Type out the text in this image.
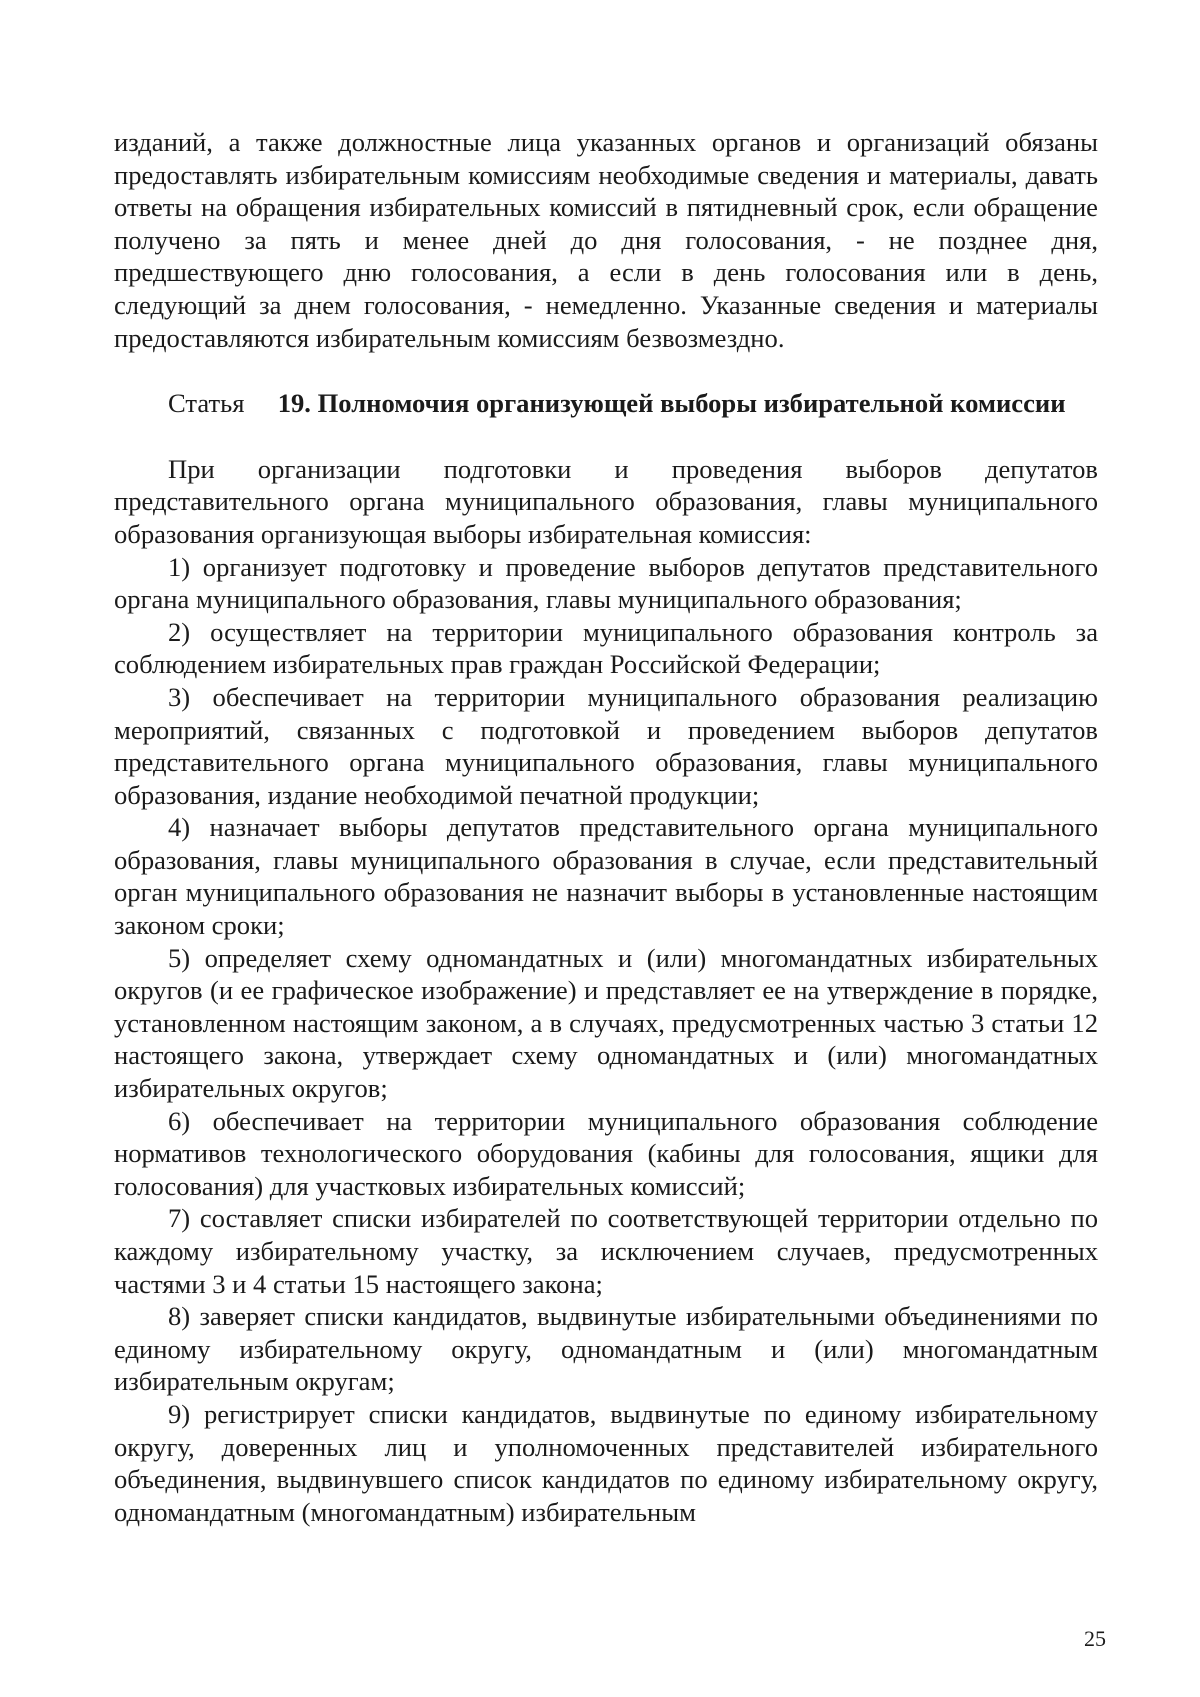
изданий, а также должностные лица указанных органов и организаций обязаны предоставлять избирательным комиссиям необходимые сведения и материалы, давать ответы на обращения избирательных комиссий в пятидневный срок, если обращение получено за пять и менее дней до дня голосования, - не позднее дня, предшествующего дню голосования, а если в день голосования или в день, следующий за днем голосования, - немедленно. Указанные сведения и материалы предоставляются избирательным комиссиям безвозмездно.

Статья 19. Полномочия организующей выборы избирательной комиссии

При организации подготовки и проведения выборов депутатов представительного органа муниципального образования, главы муниципального образования организующая выборы избирательная комиссия:

1) организует подготовку и проведение выборов депутатов представительного органа муниципального образования, главы муниципального образования;

2) осуществляет на территории муниципального образования контроль за соблюдением избирательных прав граждан Российской Федерации;

3) обеспечивает на территории муниципального образования реализацию мероприятий, связанных с подготовкой и проведением выборов депутатов представительного органа муниципального образования, главы муниципального образования, издание необходимой печатной продукции;

4) назначает выборы депутатов представительного органа муниципального образования, главы муниципального образования в случае, если представительный орган муниципального образования не назначит выборы в установленные настоящим законом сроки;

5) определяет схему одномандатных и (или) многомандатных избирательных округов (и ее графическое изображение) и представляет ее на утверждение в порядке, установленном настоящим законом, а в случаях, предусмотренных частью 3 статьи 12 настоящего закона, утверждает схему одномандатных и (или) многомандатных избирательных округов;

6) обеспечивает на территории муниципального образования соблюдение нормативов технологического оборудования (кабины для голосования, ящики для голосования) для участковых избирательных комиссий;

7) составляет списки избирателей по соответствующей территории отдельно по каждому избирательному участку, за исключением случаев, предусмотренных частями 3 и 4 статьи 15 настоящего закона;

8) заверяет списки кандидатов, выдвинутые избирательными объединениями по единому избирательному округу, одномандатным и (или) многомандатным избирательным округам;

9) регистрирует списки кандидатов, выдвинутые по единому избирательному округу, доверенных лиц и уполномоченных представителей избирательного объединения, выдвинувшего список кандидатов по единому избирательному округу, одномандатным (многомандатным) избирательным

25
